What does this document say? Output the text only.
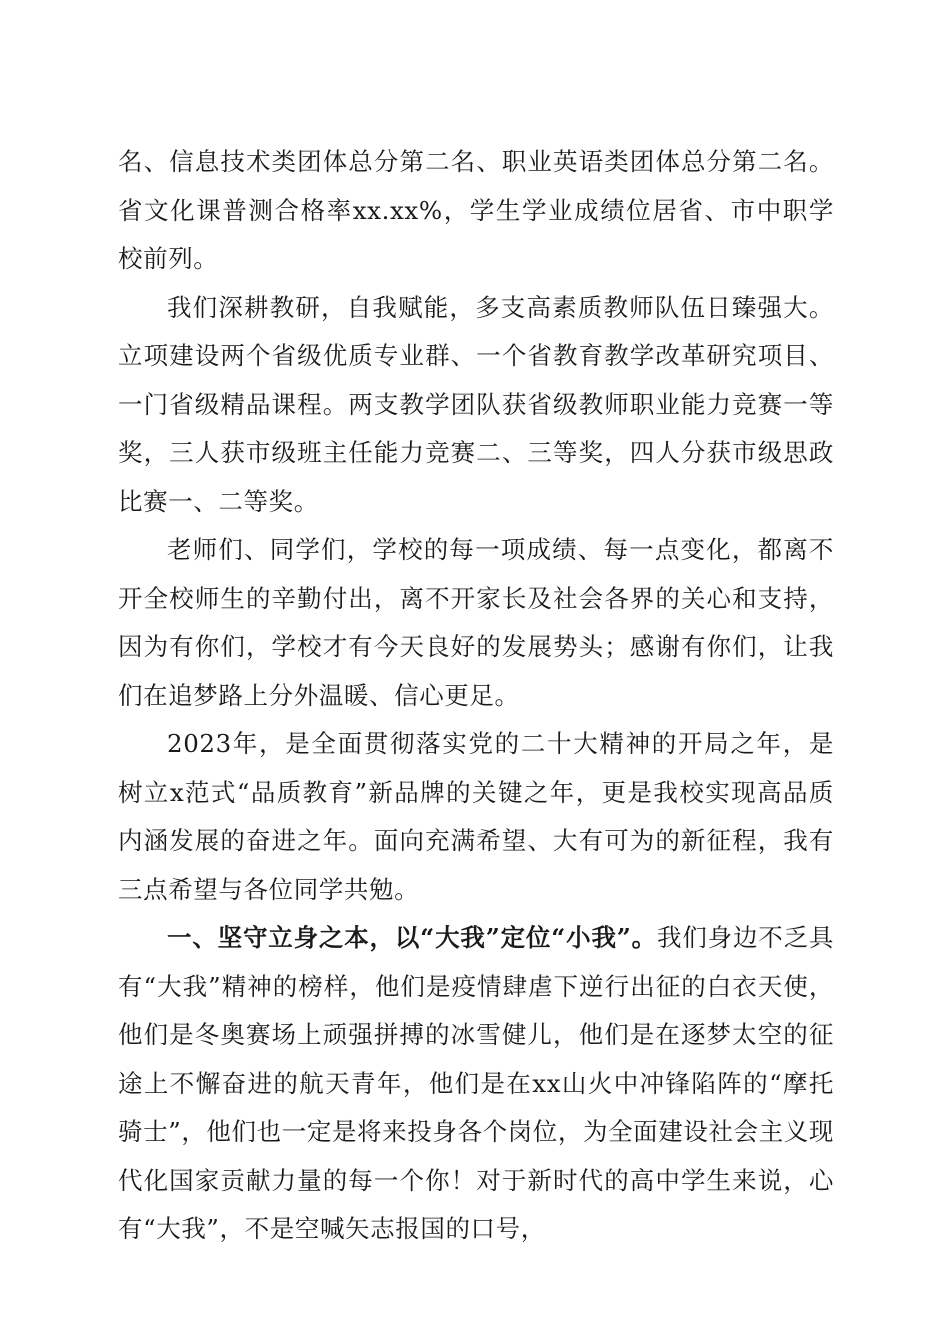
名、信息技术类团体总分第二名、职业英语类团体总分第二名。省文化课普测合格率xx.xx%，学生学业成绩位居省、市中职学校前列。

我们深耕教研，自我赋能，多支高素质教师队伍日臻强大。立项建设两个省级优质专业群、一个省教育教学改革研究项目、一门省级精品课程。两支教学团队获省级教师职业能力竞赛一等奖，三人获市级班主任能力竞赛二、三等奖，四人分获市级思政比赛一、二等奖。

老师们、同学们，学校的每一项成绩、每一点变化，都离不开全校师生的辛勤付出，离不开家长及社会各界的关心和支持，因为有你们，学校才有今天良好的发展势头；感谢有你们，让我们在追梦路上分外温暖、信心更足。

2023年，是全面贯彻落实党的二十大精神的开局之年，是树立x范式“品质教育”新品牌的关键之年，更是我校实现高品质内涵发展的奋进之年。面向充满希望、大有可为的新征程，我有三点希望与各位同学共勉。

一、坚守立身之本，以“大我”定位“小我”。我们身边不乏具有“大我”精神的榜样，他们是疫情肆虐下逆行出征的白衣天使，他们是冬奥赛场上顽强拼搏的冰雪健儿，他们是在逐梦太空的征途上不懈奋进的航天青年，他们是在xx山火中冲锋陷阵的“摩托骑士”，他们也一定是将来投身各个岗位，为全面建设社会主义现代化国家贡献力量的每一个你！对于新时代的高中学生来说，心有“大我”，不是空喊矢志报国的口号，
